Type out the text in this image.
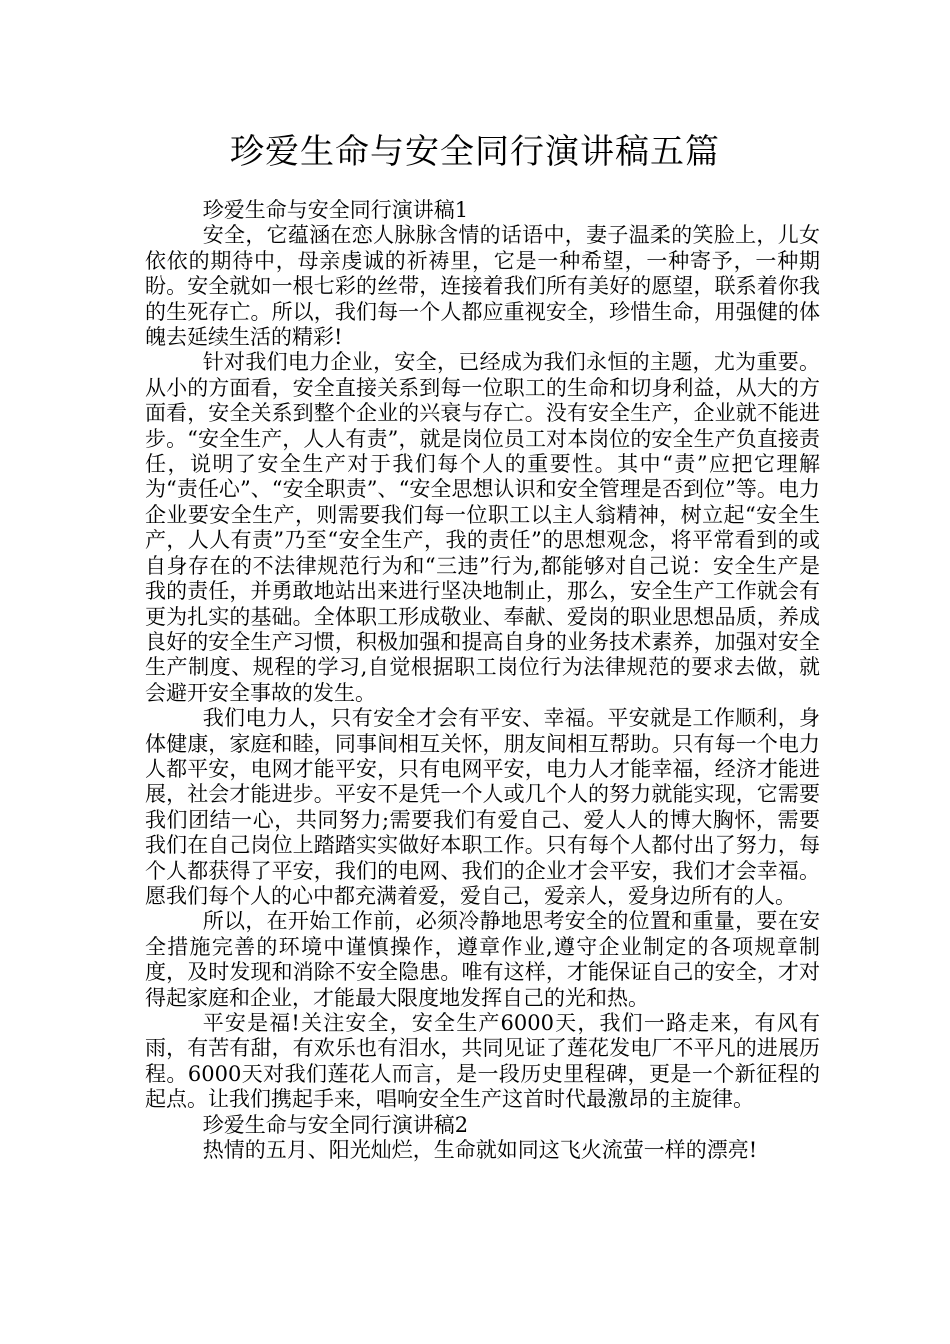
珍爱生命与安全同行演讲稿五篇

珍爱生命与安全同行演讲稿1

安全，它蕴涵在恋人脉脉含情的话语中，妻子温柔的笑脸上，儿女依依的期待中，母亲虔诚的祈祷里，它是一种希望，一种寄予，一种期盼。安全就如一根七彩的丝带，连接着我们所有美好的愿望，联系着你我的生死存亡。所以，我们每一个人都应重视安全，珍惜生命，用强健的体魄去延续生活的精彩!

针对我们电力企业，安全，已经成为我们永恒的主题，尤为重要。从小的方面看，安全直接关系到每一位职工的生命和切身利益，从大的方面看，安全关系到整个企业的兴衰与存亡。没有安全生产，企业就不能进步。“安全生产，人人有责”，就是岗位员工对本岗位的安全生产负直接责任，说明了安全生产对于我们每个人的重要性。其中“责”应把它理解为“责任心”、“安全职责”、“安全思想认识和安全管理是否到位”等。电力企业要安全生产，则需要我们每一位职工以主人翁精神，树立起“安全生产，人人有责”乃至“安全生产，我的责任”的思想观念，将平常看到的或自身存在的不法律规范行为和“三违”行为,都能够对自己说：安全生产是我的责任，并勇敢地站出来进行坚决地制止，那么，安全生产工作就会有更为扎实的基础。全体职工形成敬业、奉献、爱岗的职业思想品质，养成良好的安全生产习惯，积极加强和提高自身的业务技术素养，加强对安全生产制度、规程的学习,自觉根据职工岗位行为法律规范的要求去做，就会避开安全事故的发生。

我们电力人，只有安全才会有平安、幸福。平安就是工作顺利，身体健康，家庭和睦，同事间相互关怀，朋友间相互帮助。只有每一个电力人都平安，电网才能平安，只有电网平安，电力人才能幸福，经济才能进展，社会才能进步。平安不是凭一个人或几个人的努力就能实现，它需要我们团结一心，共同努力;需要我们有爱自己、爱人人的博大胸怀，需要我们在自己岗位上踏踏实实做好本职工作。只有每个人都付出了努力，每个人都获得了平安，我们的电网、我们的企业才会平安，我们才会幸福。愿我们每个人的心中都充满着爱，爱自己，爱亲人，爱身边所有的人。

所以，在开始工作前，必须冷静地思考安全的位置和重量，要在安全措施完善的环境中谨慎操作，遵章作业,遵守企业制定的各项规章制度，及时发现和消除不安全隐患。唯有这样，才能保证自己的安全，才对得起家庭和企业，才能最大限度地发挥自己的光和热。

平安是福!关注安全，安全生产6000天，我们一路走来，有风有雨，有苦有甜，有欢乐也有泪水，共同见证了莲花发电厂不平凡的进展历程。6000天对我们莲花人而言，是一段历史里程碑，更是一个新征程的起点。让我们携起手来，唱响安全生产这首时代最激昂的主旋律。

珍爱生命与安全同行演讲稿2

热情的五月、阳光灿烂，生命就如同这飞火流萤一样的漂亮!
